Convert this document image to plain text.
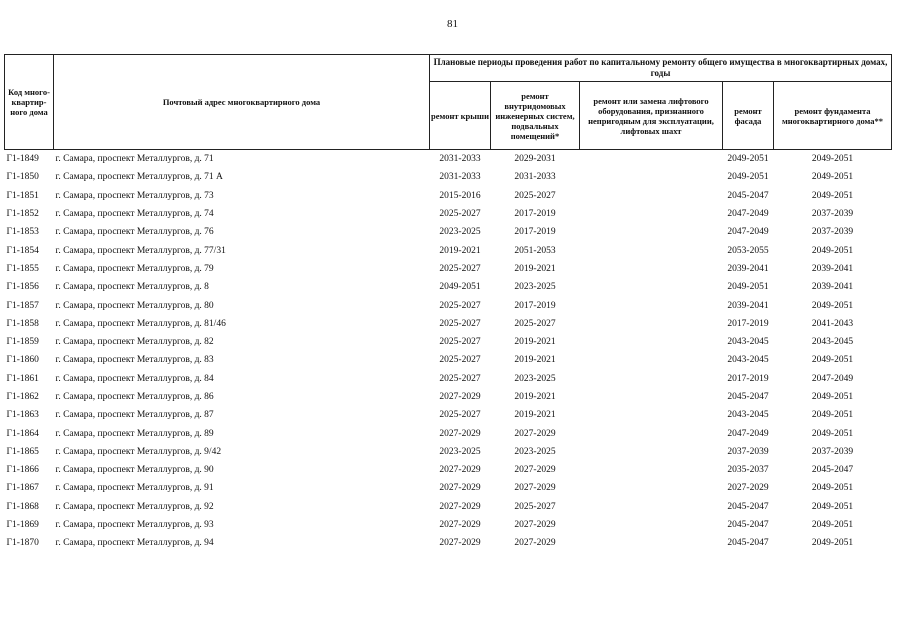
81
Код много-квартир-ного дома	Почтовый адрес многоквартирного дома	Плановые периоды проведения работ по капитальному ремонту общего имущества в многоквартирных домах, годы				
		ремонт крыши	ремонт внутридомовых инженерных систем, подвальных помещений*	ремонт или замена лифтового оборудования, признанного непригодным для эксплуатации, лифтовых шахт	ремонт фасада	ремонт фундамента многоквартирного дома**
Г1-1849	г. Самара, проспект Металлургов, д. 71	2031-2033	2029-2031		2049-2051	2049-2051
Г1-1850	г. Самара, проспект Металлургов, д. 71 А	2031-2033	2031-2033		2049-2051	2049-2051
Г1-1851	г. Самара, проспект Металлургов, д. 73	2015-2016	2025-2027		2045-2047	2049-2051
Г1-1852	г. Самара, проспект Металлургов, д. 74	2025-2027	2017-2019		2047-2049	2037-2039
Г1-1853	г. Самара, проспект Металлургов, д. 76	2023-2025	2017-2019		2047-2049	2037-2039
Г1-1854	г. Самара, проспект Металлургов, д. 77/31	2019-2021	2051-2053		2053-2055	2049-2051
Г1-1855	г. Самара, проспект Металлургов, д. 79	2025-2027	2019-2021		2039-2041	2039-2041
Г1-1856	г. Самара, проспект Металлургов, д. 8	2049-2051	2023-2025		2049-2051	2039-2041
Г1-1857	г. Самара, проспект Металлургов, д. 80	2025-2027	2017-2019		2039-2041	2049-2051
Г1-1858	г. Самара, проспект Металлургов, д. 81/46	2025-2027	2025-2027		2017-2019	2041-2043
Г1-1859	г. Самара, проспект Металлургов, д. 82	2025-2027	2019-2021		2043-2045	2043-2045
Г1-1860	г. Самара, проспект Металлургов, д. 83	2025-2027	2019-2021		2043-2045	2049-2051
Г1-1861	г. Самара, проспект Металлургов, д. 84	2025-2027	2023-2025		2017-2019	2047-2049
Г1-1862	г. Самара, проспект Металлургов, д. 86	2027-2029	2019-2021		2045-2047	2049-2051
Г1-1863	г. Самара, проспект Металлургов, д. 87	2025-2027	2019-2021		2043-2045	2049-2051
Г1-1864	г. Самара, проспект Металлургов, д. 89	2027-2029	2027-2029		2047-2049	2049-2051
Г1-1865	г. Самара, проспект Металлургов, д. 9/42	2023-2025	2023-2025		2037-2039	2037-2039
Г1-1866	г. Самара, проспект Металлургов, д. 90	2027-2029	2027-2029		2035-2037	2045-2047
Г1-1867	г. Самара, проспект Металлургов, д. 91	2027-2029	2027-2029		2027-2029	2049-2051
Г1-1868	г. Самара, проспект Металлургов, д. 92	2027-2029	2025-2027		2045-2047	2049-2051
Г1-1869	г. Самара, проспект Металлургов, д. 93	2027-2029	2027-2029		2045-2047	2049-2051
Г1-1870	г. Самара, проспект Металлургов, д. 94	2027-2029	2027-2029		2045-2047	2049-2051
